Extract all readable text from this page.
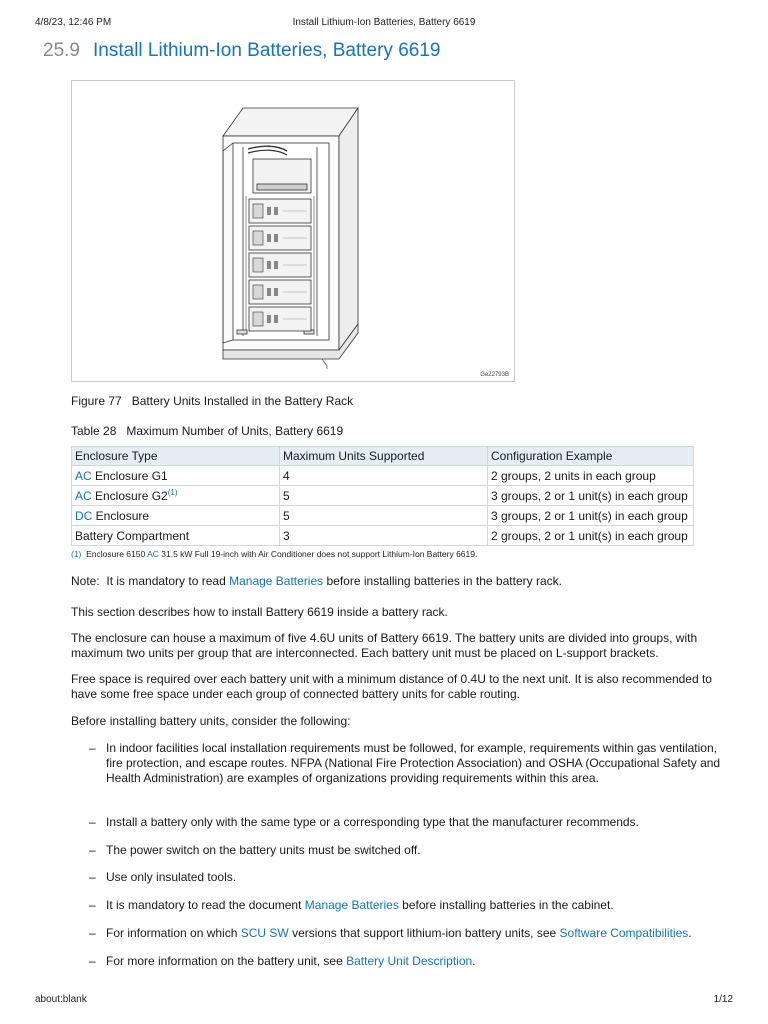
4/8/23, 12:46 PM	Install Lithium-Ion Batteries, Battery 6619
25.9 Install Lithium-Ion Batteries, Battery 6619
Ge22793B
Figure 77 Battery Units Installed in the Battery Rack
Table 28 Maximum Number of Units, Battery 6619
Enclosure Type	Maximum Units Supported	Configuration Example
AC Enclosure G1	4	2 groups, 2 units in each group
AC Enclosure G2$^{(1)}$	5	3 groups, 2 or 1 unit(s) in each group
DC Enclosure	5	3 groups, 2 or 1 unit(s) in each group
Battery Compartment	3	2 groups, 2 or 1 unit(s) in each group
(1) Enclosure 6150 AC 31.5 kW Full 19-inch with Air Conditioner does not support Lithium-Ion Battery 6619.
Note: It is mandatory to read Manage Batteries before installing batteries in the battery rack.
This section describes how to install Battery 6619 inside a battery rack.
The enclosure can house a maximum of five 4.6U units of Battery 6619. The battery units are divided into groups, with maximum two units per group that are interconnected. Each battery unit must be placed on L-support brackets.
Free space is required over each battery unit with a minimum distance of 0.4U to the next unit. It is also recommended to have some free space under each group of connected battery units for cable routing.
Before installing battery units, consider the following:
– In indoor facilities local installation requirements must be followed, for example, requirements within gas ventilation, fire protection, and escape routes. NFPA (National Fire Protection Association) and OSHA (Occupational Safety and Health Administration) are examples of organizations providing requirements within this area.
– Install a battery only with the same type or a corresponding type that the manufacturer recommends.
– The power switch on the battery units must be switched off.
– Use only insulated tools.
– It is mandatory to read the document Manage Batteries before installing batteries in the cabinet.
– For information on which SCU SW versions that support lithium-ion battery units, see Software Compatibilities.
– For more information on the battery unit, see Battery Unit Description.
about:blank	1/12
